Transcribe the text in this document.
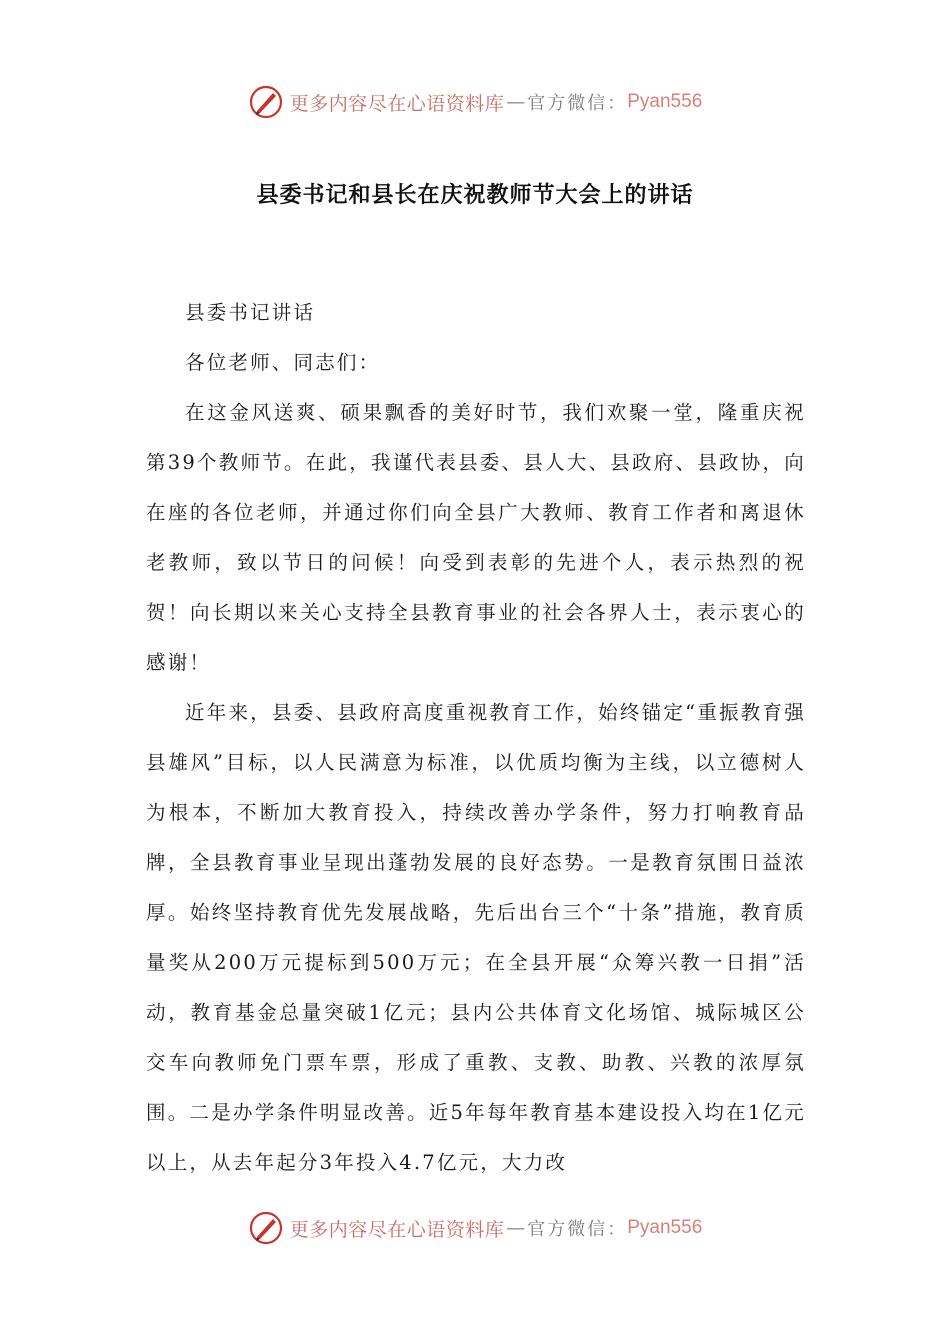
更多内容尽在心语资料库 — 官方微信： Pyan556
县委书记和县长在庆祝教师节大会上的讲话

县委书记讲话

各位老师、同志们：

在这金风送爽、硕果飘香的美好时节，我们欢聚一堂，隆重庆祝第39个教师节。在此，我谨代表县委、县人大、县政府、县政协，向在座的各位老师，并通过你们向全县广大教师、教育工作者和离退休老教师，致以节日的问候！向受到表彰的先进个人，表示热烈的祝贺！向长期以来关心支持全县教育事业的社会各界人士，表示衷心的感谢！

近年来，县委、县政府高度重视教育工作，始终锚定“重振教育强县雄风”目标，以人民满意为标准，以优质均衡为主线，以立德树人为根本，不断加大教育投入，持续改善办学条件，努力打响教育品牌，全县教育事业呈现出蓬勃发展的良好态势。一是教育氛围日益浓厚。始终坚持教育优先发展战略，先后出台三个“十条”措施，教育质量奖从200万元提标到500万元；在全县开展“众筹兴教一日捐”活动，教育基金总量突破1亿元；县内公共体育文化场馆、城际城区公交车向教师免门票车票，形成了重教、支教、助教、兴教的浓厚氛围。二是办学条件明显改善。近5年每年教育基本建设投入均在1亿元以上，从去年起分3年投入4.7亿元，大力改

更多内容尽在心语资料库 — 官方微信： Pyan556
